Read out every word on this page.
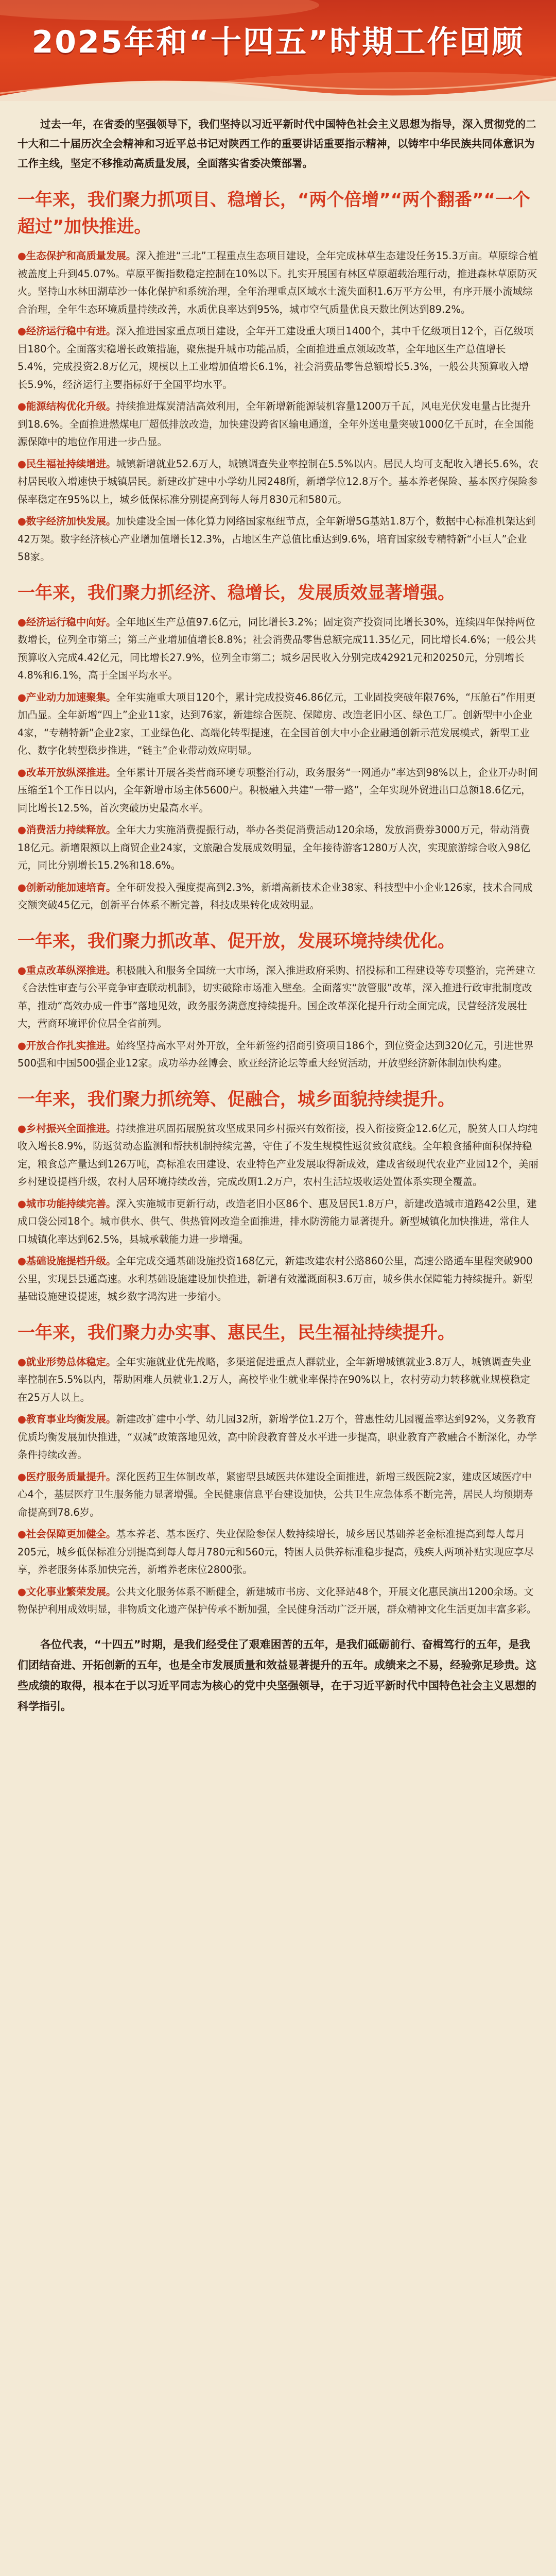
2025年和“十四五”时期工作回顾

过去一年，在省委的坚强领导下，我们坚持以习近平新时代中国特色社会主义思想为指导，深入贯彻党的二十大和二十届历次全会精神和习近平总书记对陕西工作的重要讲话重要指示精神，以铸牢中华民族共同体意识为工作主线，坚定不移推动高质量发展，全面落实省委决策部署。

一年来，我们聚力抓项目、稳增长，“两个倍增”“两个翻番”“一个超过”加快推进。

●生态保护和高质量发展。深入推进“三北”工程重点生态项目建设，全年完成林草生态建设任务15.3万亩。草原综合植被盖度上升到45.07%。草原平衡指数稳定控制在10%以下。扎实开展国有林区草原超载治理行动，推进森林草原防灭火。坚持山水林田湖草沙一体化保护和系统治理，全年治理重点区域水土流失面积1.6万平方公里，有序开展小流域综合治理，全年生态环境质量持续改善，水质优良率达到95%，城市空气质量优良天数比例达到89.2%。

●经济运行稳中有进。深入推进国家重点项目建设，全年开工建设重大项目1400个，其中千亿级项目12个，百亿级项目180个。全面落实稳增长政策措施，聚焦提升城市功能品质，全面推进重点领域改革，全年地区生产总值增长5.4%，完成投资2.8万亿元，规模以上工业增加值增长6.1%，社会消费品零售总额增长5.3%，一般公共预算收入增长5.9%，经济运行主要指标好于全国平均水平。

●能源结构优化升级。持续推进煤炭清洁高效利用，全年新增新能源装机容量1200万千瓦，风电光伏发电量占比提升到18.6%。全面推进燃煤电厂超低排放改造，加快建设跨省区输电通道，全年外送电量突破1000亿千瓦时，在全国能源保障中的地位作用进一步凸显。

●民生福祉持续增进。城镇新增就业52.6万人，城镇调查失业率控制在5.5%以内。居民人均可支配收入增长5.6%，农村居民收入增速快于城镇居民。新建改扩建中小学幼儿园248所，新增学位12.8万个。基本养老保险、基本医疗保险参保率稳定在95%以上，城乡低保标准分别提高到每人每月830元和580元。

●数字经济加快发展。加快建设全国一体化算力网络国家枢纽节点，全年新增5G基站1.8万个，数据中心标准机架达到42万架。数字经济核心产业增加值增长12.3%，占地区生产总值比重达到9.6%，培育国家级专精特新“小巨人”企业58家。

一年来，我们聚力抓经济、稳增长，发展质效显著增强。

●经济运行稳中向好。全年地区生产总值97.6亿元，同比增长3.2%；固定资产投资同比增长30%，连续四年保持两位数增长，位列全市第三；第三产业增加值增长8.8%；社会消费品零售总额完成11.35亿元，同比增长4.6%；一般公共预算收入完成4.42亿元，同比增长27.9%，位列全市第二；城乡居民收入分别完成42921元和20250元，分别增长4.8%和6.1%，高于全国平均水平。

●产业动力加速聚集。全年实施重大项目120个，累计完成投资46.86亿元，工业固投突破年限76%，“压舱石”作用更加凸显。全年新增“四上”企业11家，达到76家，新建综合医院、保障房、改造老旧小区、绿色工厂。创新型中小企业4家，“专精特新”企业2家，工业绿色化、高端化转型提速，在全国首创大中小企业融通创新示范发展模式，新型工业化、数字化转型稳步推进，“链主”企业带动效应明显。

●改革开放纵深推进。全年累计开展各类营商环境专项整治行动，政务服务“一网通办”率达到98%以上，企业开办时间压缩至1个工作日以内，全年新增市场主体5600户。积极融入共建“一带一路”，全年实现外贸进出口总额18.6亿元，同比增长12.5%，首次突破历史最高水平。

●消费活力持续释放。全年大力实施消费提振行动，举办各类促消费活动120余场，发放消费券3000万元，带动消费18亿元。新增限额以上商贸企业24家，文旅融合发展成效明显，全年接待游客1280万人次，实现旅游综合收入98亿元，同比分别增长15.2%和18.6%。

●创新动能加速培育。全年研发投入强度提高到2.3%，新增高新技术企业38家、科技型中小企业126家，技术合同成交额突破45亿元，创新平台体系不断完善，科技成果转化成效明显。

一年来，我们聚力抓改革、促开放，发展环境持续优化。

●重点改革纵深推进。积极融入和服务全国统一大市场，深入推进政府采购、招投标和工程建设等专项整治，完善建立《合法性审查与公平竞争审查联动机制》，切实破除市场准入壁垒。全面落实“放管服”改革，深入推进行政审批制度改革，推动“高效办成一件事”落地见效，政务服务满意度持续提升。国企改革深化提升行动全面完成，民营经济发展壮大，营商环境评价位居全省前列。

●开放合作扎实推进。始终坚持高水平对外开放，全年新签约招商引资项目186个，到位资金达到320亿元，引进世界500强和中国500强企业12家。成功举办丝博会、欧亚经济论坛等重大经贸活动，开放型经济新体制加快构建。

一年来，我们聚力抓统筹、促融合，城乡面貌持续提升。

●乡村振兴全面推进。持续推进巩固拓展脱贫攻坚成果同乡村振兴有效衔接，投入衔接资金12.6亿元，脱贫人口人均纯收入增长8.9%，防返贫动态监测和帮扶机制持续完善，守住了不发生规模性返贫致贫底线。全年粮食播种面积保持稳定，粮食总产量达到126万吨，高标准农田建设、农业特色产业发展取得新成效，建成省级现代农业产业园12个，美丽乡村建设提档升级，农村人居环境持续改善，完成改厕1.2万户，农村生活垃圾收运处置体系实现全覆盖。

●城市功能持续完善。深入实施城市更新行动，改造老旧小区86个、惠及居民1.8万户，新建改造城市道路42公里，建成口袋公园18个。城市供水、供气、供热管网改造全面推进，排水防涝能力显著提升。新型城镇化加快推进，常住人口城镇化率达到62.5%，县城承载能力进一步增强。

●基础设施提档升级。全年完成交通基础设施投资168亿元，新建改建农村公路860公里，高速公路通车里程突破900公里，实现县县通高速。水利基础设施建设加快推进，新增有效灌溉面积3.6万亩，城乡供水保障能力持续提升。新型基础设施建设提速，城乡数字鸿沟进一步缩小。

一年来，我们聚力办实事、惠民生，民生福祉持续提升。

●就业形势总体稳定。全年实施就业优先战略，多渠道促进重点人群就业，全年新增城镇就业3.8万人，城镇调查失业率控制在5.5%以内，帮助困难人员就业1.2万人，高校毕业生就业率保持在90%以上，农村劳动力转移就业规模稳定在25万人以上。

●教育事业均衡发展。新建改扩建中小学、幼儿园32所，新增学位1.2万个，普惠性幼儿园覆盖率达到92%，义务教育优质均衡发展加快推进，“双减”政策落地见效，高中阶段教育普及水平进一步提高，职业教育产教融合不断深化，办学条件持续改善。

●医疗服务质量提升。深化医药卫生体制改革，紧密型县域医共体建设全面推进，新增三级医院2家，建成区域医疗中心4个，基层医疗卫生服务能力显著增强。全民健康信息平台建设加快，公共卫生应急体系不断完善，居民人均预期寿命提高到78.6岁。

●社会保障更加健全。基本养老、基本医疗、失业保险参保人数持续增长，城乡居民基础养老金标准提高到每人每月205元，城乡低保标准分别提高到每人每月780元和560元，特困人员供养标准稳步提高，残疾人两项补贴实现应享尽享，养老服务体系加快完善，新增养老床位2800张。

●文化事业繁荣发展。公共文化服务体系不断健全，新建城市书房、文化驿站48个，开展文化惠民演出1200余场。文物保护利用成效明显，非物质文化遗产保护传承不断加强，全民健身活动广泛开展，群众精神文化生活更加丰富多彩。

各位代表，“十四五”时期，是我们经受住了艰难困苦的五年，是我们砥砺前行、奋楫笃行的五年，是我们团结奋进、开拓创新的五年，也是全市发展质量和效益显著提升的五年。成绩来之不易，经验弥足珍贵。这些成绩的取得，根本在于以习近平同志为核心的党中央坚强领导，在于习近平新时代中国特色社会主义思想的科学指引。
